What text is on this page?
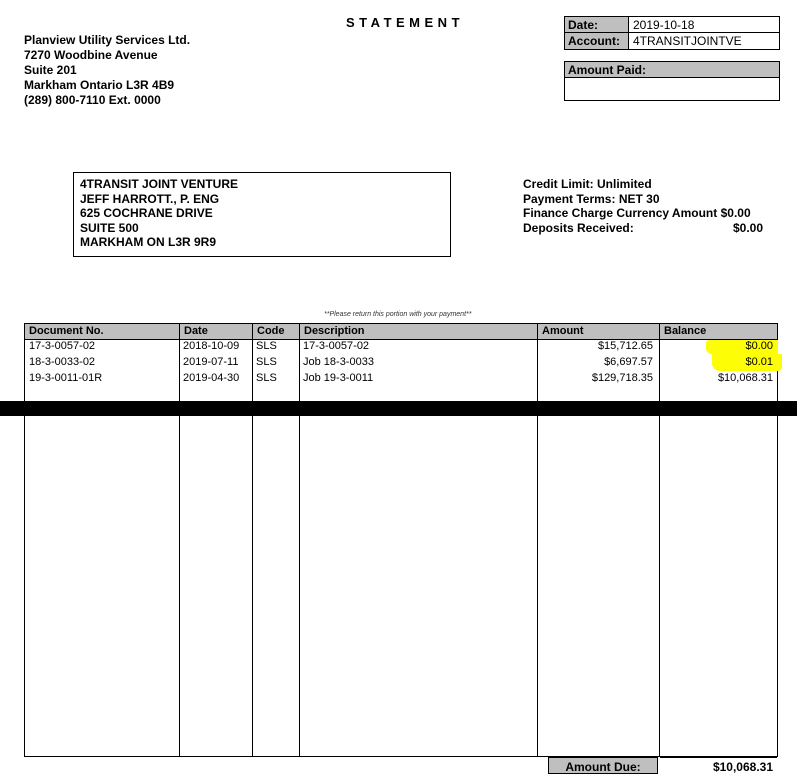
STATEMENT
Planview Utility Services Ltd.
7270 Woodbine Avenue
Suite 201
Markham Ontario L3R 4B9
(289) 800-7110 Ext. 0000
Date:	2019-10-18
Account:	4TRANSITJOINTVE
Amount Paid:
4TRANSIT JOINT VENTURE
JEFF HARROTT., P. ENG
625 COCHRANE DRIVE
SUITE 500
MARKHAM ON L3R 9R9
Credit Limit: Unlimited
Payment Terms: NET 30
Finance Charge Currency Amount $0.00
Deposits Received:	$0.00
**Please return this portion with your payment**
Document No.	Date	Code	Description	Amount	Balance
17-3-0057-02	2018-10-09 SLS 17-3-0057-02	$15,712.65	$0.00
18-3-0033-02	2019-07-11 SLS Job 18-3-0033	$6,697.57	$0.01
19-3-0011-01R	2019-04-30 SLS Job 19-3-0011	$129,718.35	$10,068.31
Amount Due:	$10,068.31
